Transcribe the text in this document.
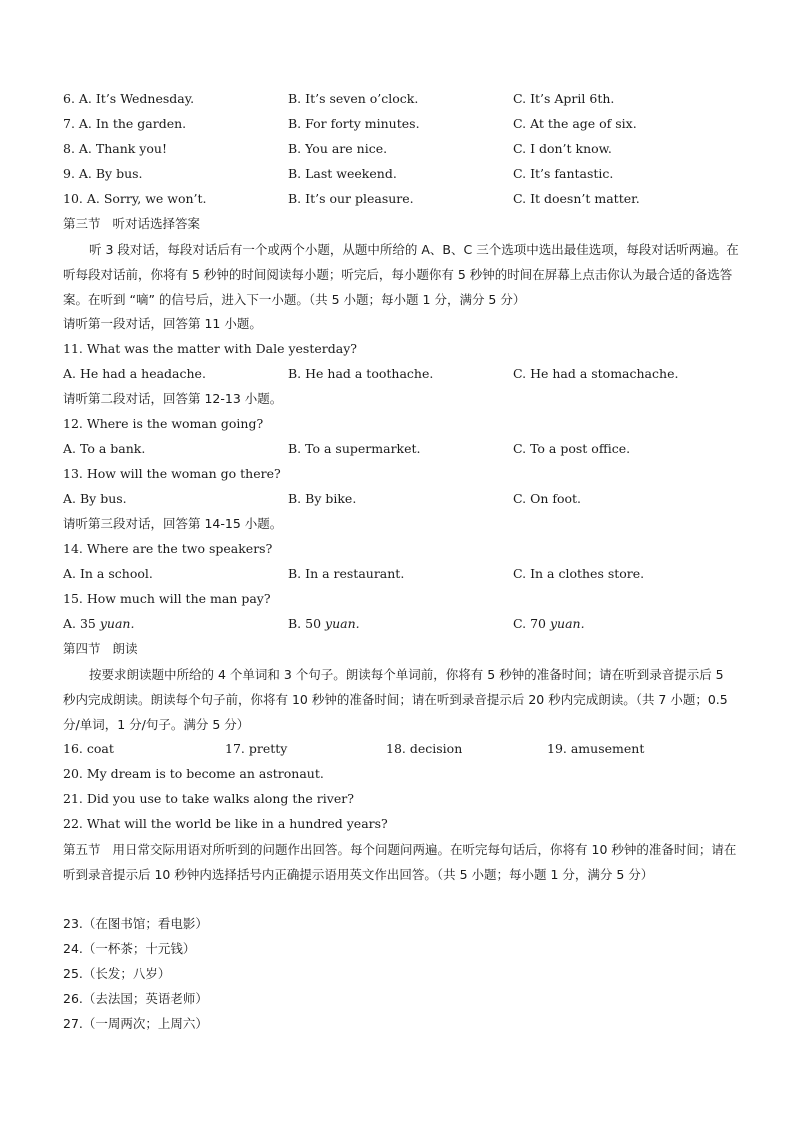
6. A. It’s Wednesday.	B. It’s seven o’clock.	C. It’s April 6th.
7. A. In the garden.	B. For forty minutes.	C. At the age of six.
8. A. Thank you!	B. You are nice.	C. I don’t know.
9. A. By bus.	B. Last weekend.	C. It’s fantastic.
10. A. Sorry, we won’t.	B. It’s our pleasure.	C. It doesn’t matter.
第三节 听对话选择答案
听 3 段对话，每段对话后有一个或两个小题，从题中所给的 A、B、C 三个选项中选出最佳选项，每段对话听两遍。在听每段对话前，你将有 5 秒钟的时间阅读每小题；听完后，每小题你有 5 秒钟的时间在屏幕上点击你认为最合适的备选答案。在听到 “嘀” 的信号后，进入下一小题。（共 5 小题；每小题 1 分，满分 5 分）
请听第一段对话，回答第 11 小题。
11. What was the matter with Dale yesterday?
A. He had a headache.	B. He had a toothache.	C. He had a stomachache.
请听第二段对话，回答第 12-13 小题。
12. Where is the woman going?
A. To a bank.	B. To a supermarket.	C. To a post office.
13. How will the woman go there?
A. By bus.	B. By bike.	C. On foot.
请听第三段对话，回答第 14-15 小题。
14. Where are the two speakers?
A. In a school.	B. In a restaurant.	C. In a clothes store.
15. How much will the man pay?
A. 35 yuan.	B. 50 yuan.	C. 70 yuan.
第四节 朗读
按要求朗读题中所给的 4 个单词和 3 个句子。朗读每个单词前，你将有 5 秒钟的准备时间；请在听到录音提示后 5 秒内完成朗读。朗读每个句子前，你将有 10 秒钟的准备时间；请在听到录音提示后 20 秒内完成朗读。（共 7 小题；0.5 分/单词，1 分/句子。满分 5 分）
16. coat	17. pretty	18. decision	19. amusement
20. My dream is to become an astronaut.
21. Did you use to take walks along the river?
22. What will the world be like in a hundred years?
第五节 用日常交际用语对所听到的问题作出回答。每个问题问两遍。在听完每句话后，你将有 10 秒钟的准备时间；请在听到录音提示后 10 秒钟内选择括号内正确提示语用英文作出回答。（共 5 小题；每小题 1 分，满分 5 分）
23.（在图书馆；看电影）
24.（一杯茶；十元钱）
25.（长发；八岁）
26.（去法国；英语老师）
27.（一周两次；上周六）
